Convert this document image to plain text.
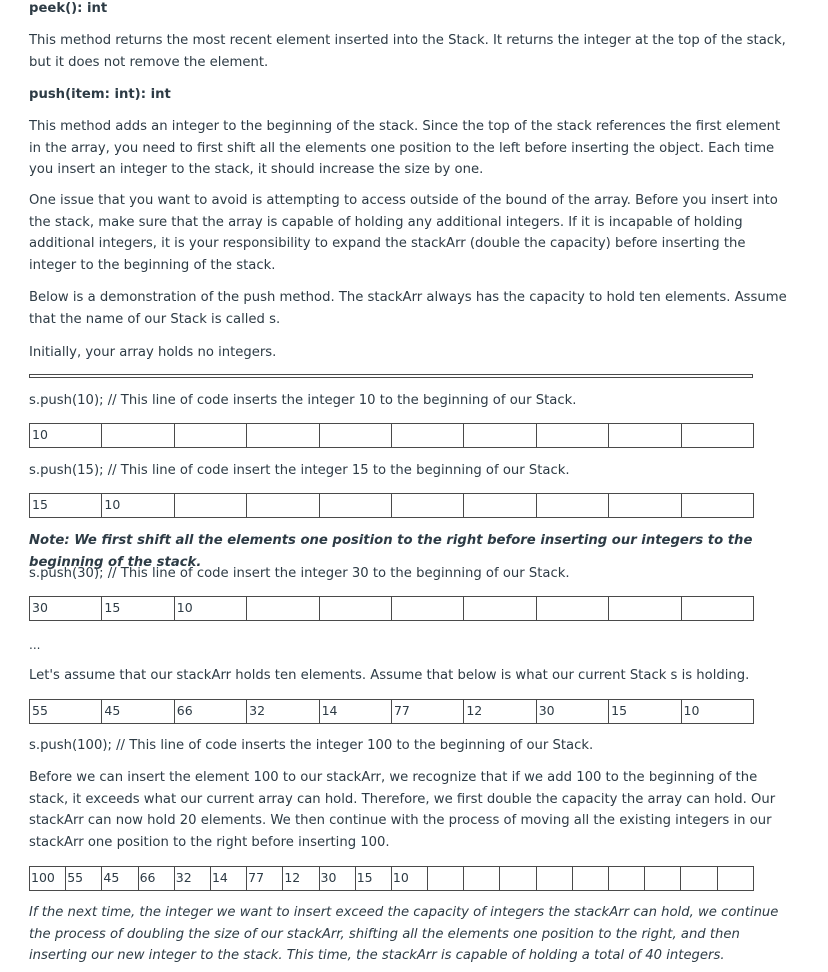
peek(): int
This method returns the most recent element inserted into the Stack. It returns the integer at the top of the stack, but it does not remove the element.
push(item: int): int
This method adds an integer to the beginning of the stack. Since the top of the stack references the first element in the array, you need to first shift all the elements one position to the left before inserting the object. Each time you insert an integer to the stack, it should increase the size by one.
One issue that you want to avoid is attempting to access outside of the bound of the array. Before you insert into the stack, make sure that the array is capable of holding any additional integers. If it is incapable of holding additional integers, it is your responsibility to expand the stackArr (double the capacity) before inserting the integer to the beginning of the stack.
Below is a demonstration of the push method. The stackArr always has the capacity to hold ten elements. Assume that the name of our Stack is called s.
Initially, your array holds no integers.
s.push(10); // This line of code inserts the integer 10 to the beginning of our Stack.
10
s.push(15); // This line of code insert the integer 15 to the beginning of our Stack.
15	10
Note: We first shift all the elements one position to the right before inserting our integers to the beginning of the stack.
s.push(30); // This line of code insert the integer 30 to the beginning of our Stack.
30	15	10
...
Let's assume that our stackArr holds ten elements. Assume that below is what our current Stack s is holding.
55	45	66	32	14	77	12	30	15	10
s.push(100); // This line of code inserts the integer 100 to the beginning of our Stack.
Before we can insert the element 100 to our stackArr, we recognize that if we add 100 to the beginning of the stack, it exceeds what our current array can hold. Therefore, we first double the capacity the array can hold. Our stackArr can now hold 20 elements. We then continue with the process of moving all the existing integers in our stackArr one position to the right before inserting 100.
100 55	45	66	32	14	77	12	30	15	10
If the next time, the integer we want to insert exceed the capacity of integers the stackArr can hold, we continue the process of doubling the size of our stackArr, shifting all the elements one position to the right, and then inserting our new integer to the stack. This time, the stackArr is capable of holding a total of 40 integers.
